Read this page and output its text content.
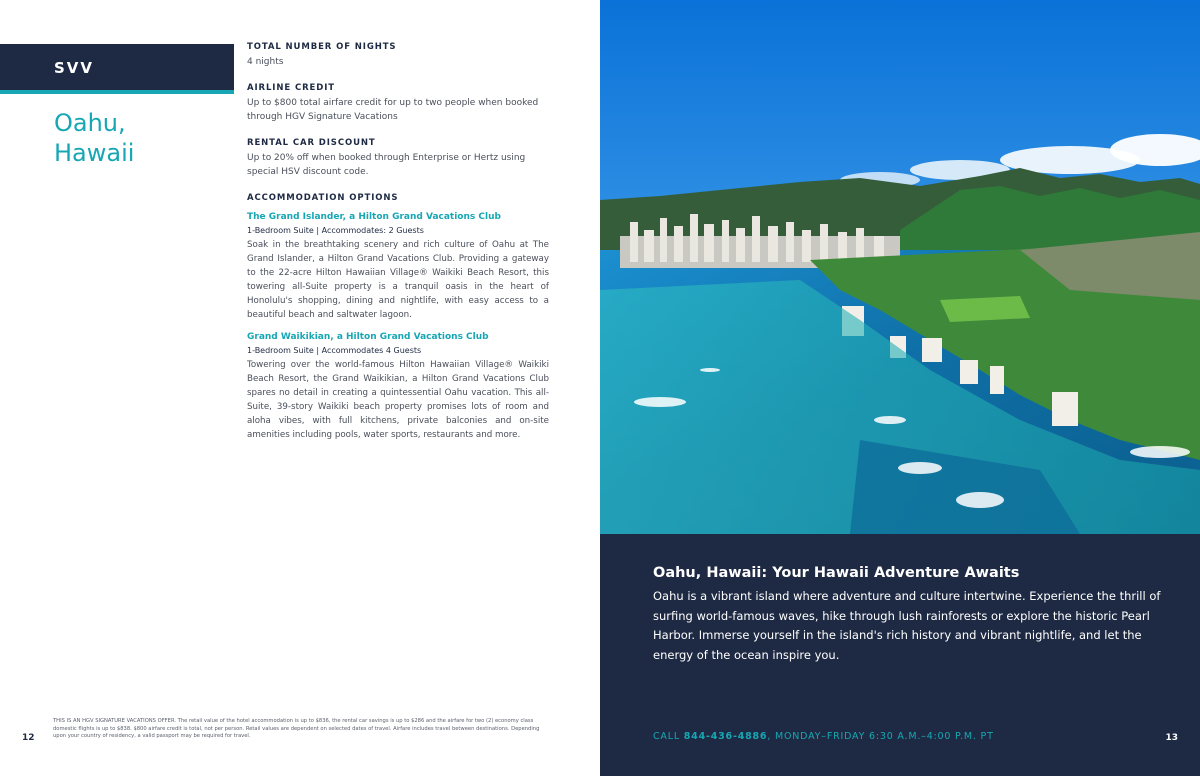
SVV
Oahu,
Hawaii
TOTAL NUMBER OF NIGHTS
4 nights
AIRLINE CREDIT
Up to $800 total airfare credit for up to two people when booked through HGV Signature Vacations
RENTAL CAR DISCOUNT
Up to 20% off when booked through Enterprise or Hertz using special HSV discount code.
ACCOMMODATION OPTIONS
The Grand Islander, a Hilton Grand Vacations Club
1-Bedroom Suite | Accommodates: 2 Guests
Soak in the breathtaking scenery and rich culture of Oahu at The Grand Islander, a Hilton Grand Vacations Club. Providing a gateway to the 22-acre Hilton Hawaiian Village® Waikiki Beach Resort, this towering all-Suite property is a tranquil oasis in the heart of Honolulu's shopping, dining and nightlife, with easy access to a beautiful beach and saltwater lagoon.
Grand Waikikian, a Hilton Grand Vacations Club
1-Bedroom Suite | Accommodates 4 Guests
Towering over the world-famous Hilton Hawaiian Village® Waikiki Beach Resort, the Grand Waikikian, a Hilton Grand Vacations Club spares no detail in creating a quintessential Oahu vacation. This all-Suite, 39-story Waikiki beach property promises lots of room and aloha vibes, with full kitchens, private balconies and on-site amenities including pools, water sports, restaurants and more.
12
THIS IS AN HGV SIGNATURE VACATIONS OFFER. The retail value of the hotel accommodation is up to $836, the rental car savings is up to $286 and the airfare for two (2) economy class domestic flights is up to $838. $800 airfare credit is total, not per person. Retail values are dependent on selected dates of travel. Airfare includes travel between destinations. Depending upon your country of residency, a valid passport may be required for travel.
Oahu, Hawaii: Your Hawaii Adventure Awaits
Oahu is a vibrant island where adventure and culture intertwine. Experience the thrill of surfing world-famous waves, hike through lush rainforests or explore the historic Pearl Harbor. Immerse yourself in the island's rich history and vibrant nightlife, and let the energy of the ocean inspire you.
CALL 844-436-4886, MONDAY–FRIDAY 6:30 A.M.–4:00 P.M. PT	13
